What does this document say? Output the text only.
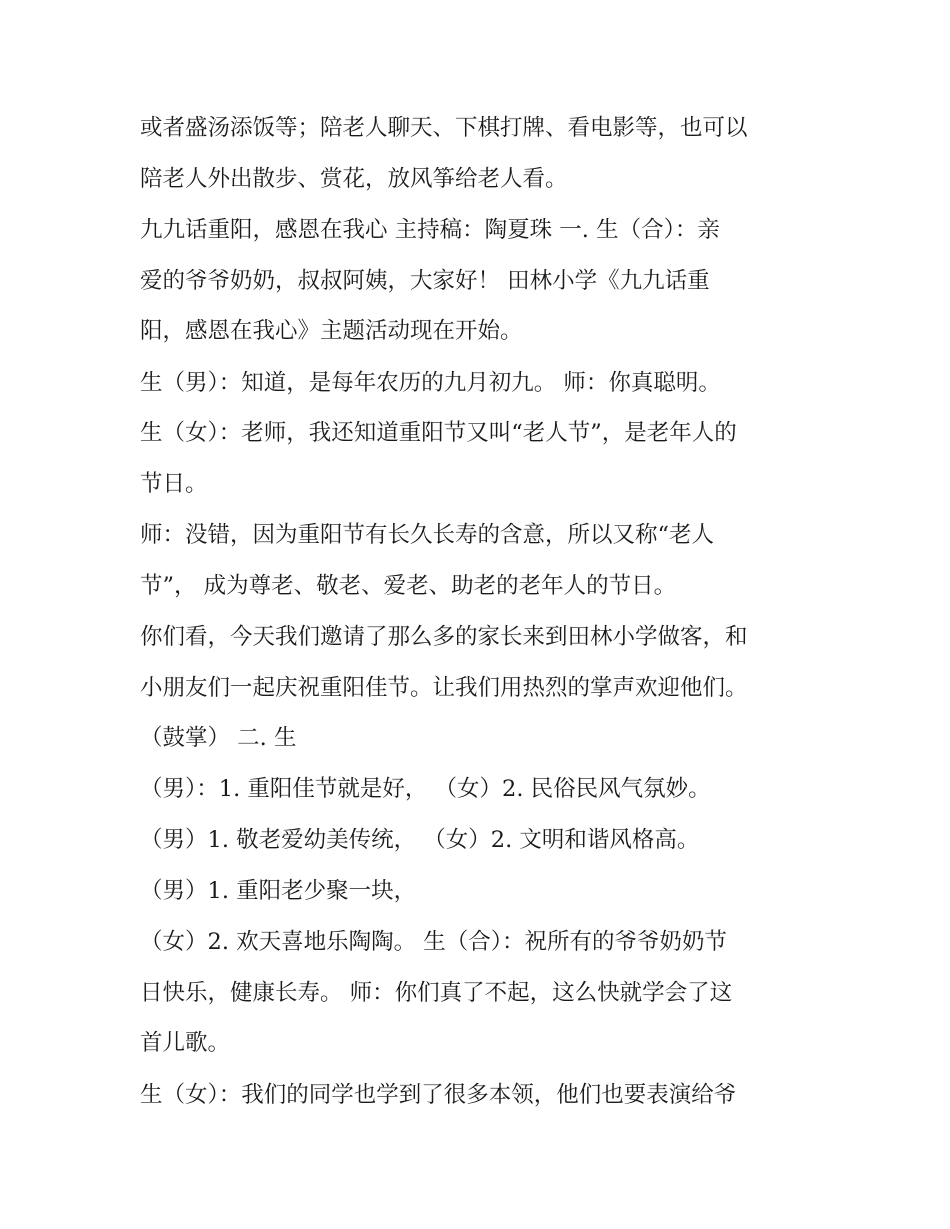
或者盛汤添饭等；陪老人聊天、下棋打牌、看电影等，也可以
陪老人外出散步、赏花，放风筝给老人看。
九九话重阳，感恩在我心 主持稿：陶夏珠 一. 生（合）：亲
爱的爷爷奶奶，叔叔阿姨，大家好！ 田林小学《九九话重
阳，感恩在我心》主题活动现在开始。
生（男）：知道，是每年农历的九月初九。 师：你真聪明。
生（女）：老师，我还知道重阳节又叫“老人节”，是老年人的
节日。
师：没错，因为重阳节有长久长寿的含意，所以又称“老人
节”， 成为尊老、敬老、爱老、助老的老年人的节日。
你们看，今天我们邀请了那么多的家长来到田林小学做客，和
小朋友们一起庆祝重阳佳节。让我们用热烈的掌声欢迎他们。
（鼓掌） 二. 生
（男）：1. 重阳佳节就是好， （女）2. 民俗民风气氛妙。
（男）1. 敬老爱幼美传统， （女）2. 文明和谐风格高。
（男）1. 重阳老少聚一块，
（女）2. 欢天喜地乐陶陶。 生（合）：祝所有的爷爷奶奶节
日快乐，健康长寿。 师：你们真了不起，这么快就学会了这
首儿歌。
生（女）：我们的同学也学到了很多本领，他们也要表演给爷
